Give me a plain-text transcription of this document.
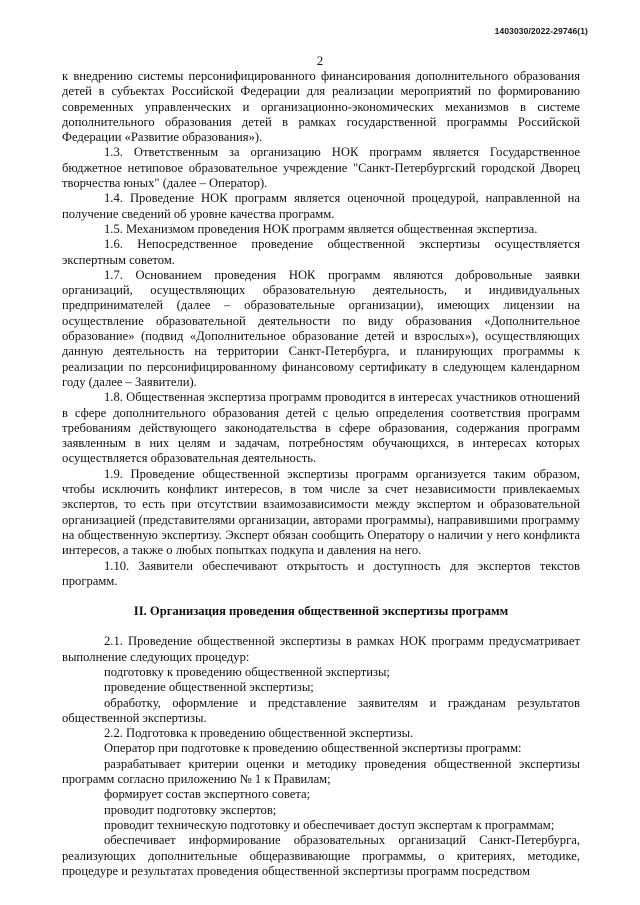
1403030/2022-29746(1)
2

к внедрению системы персонифицированного финансирования дополнительного образования детей в субъектах Российской Федерации для реализации мероприятий по формированию современных управленческих и организационно-экономических механизмов в системе дополнительного образования детей в рамках государственной программы Российской Федерации «Развитие образования»).

1.3. Ответственным за организацию НОК программ является Государственное бюджетное нетиповое образовательное учреждение "Санкт-Петербургский городской Дворец творчества юных" (далее – Оператор).

1.4. Проведение НОК программ является оценочной процедурой, направленной на получение сведений об уровне качества программ.

1.5. Механизмом проведения НОК программ является общественная экспертиза.

1.6. Непосредственное проведение общественной экспертизы осуществляется экспертным советом.

1.7. Основанием проведения НОК программ являются добровольные заявки организаций, осуществляющих образовательную деятельность, и индивидуальных предпринимателей (далее – образовательные организации), имеющих лицензии на осуществление образовательной деятельности по виду образования «Дополнительное образование» (подвид «Дополнительное образование детей и взрослых»), осуществляющих данную деятельность на территории Санкт-Петербурга, и планирующих программы к реализации по персонифицированному финансовому сертификату в следующем календарном году (далее – Заявители).

1.8. Общественная экспертиза программ проводится в интересах участников отношений в сфере дополнительного образования детей с целью определения соответствия программ требованиям действующего законодательства в сфере образования, содержания программ заявленным в них целям и задачам, потребностям обучающихся, в интересах которых осуществляется образовательная деятельность.

1.9. Проведение общественной экспертизы программ организуется таким образом, чтобы исключить конфликт интересов, в том числе за счет независимости привлекаемых экспертов, то есть при отсутствии взаимозависимости между экспертом и образовательной организацией (представителями организации, авторами программы), направившими программу на общественную экспертизу. Эксперт обязан сообщить Оператору о наличии у него конфликта интересов, а также о любых попытках подкупа и давления на него.

1.10. Заявители обеспечивают открытость и доступность для экспертов текстов программ.

II. Организация проведения общественной экспертизы программ

2.1. Проведение общественной экспертизы в рамках НОК программ предусматривает выполнение следующих процедур:

подготовку к проведению общественной экспертизы;

проведение общественной экспертизы;

обработку, оформление и представление заявителям и гражданам результатов общественной экспертизы.

2.2. Подготовка к проведению общественной экспертизы.

Оператор при подготовке к проведению общественной экспертизы программ:

разрабатывает критерии оценки и методику проведения общественной экспертизы программ согласно приложению № 1 к Правилам;

формирует состав экспертного совета;

проводит подготовку экспертов;

проводит техническую подготовку и обеспечивает доступ экспертам к программам;

обеспечивает информирование образовательных организаций Санкт-Петербурга, реализующих дополнительные общеразвивающие программы, о критериях, методике, процедуре и результатах проведения общественной экспертизы программ посредством
